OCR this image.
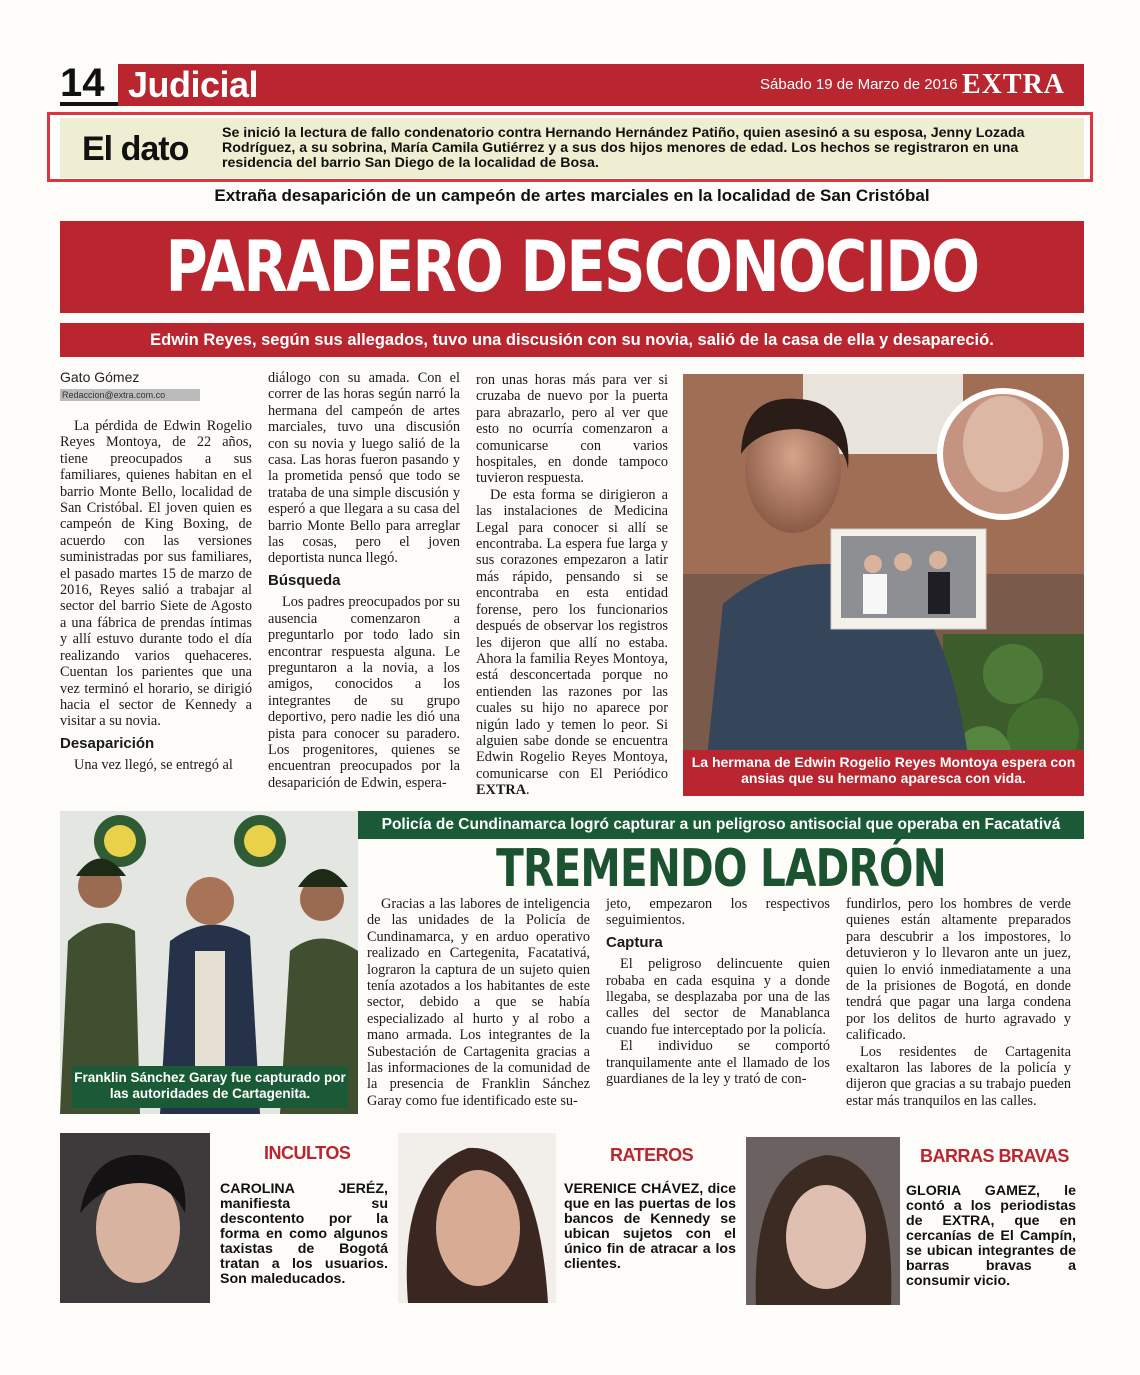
14 Judicial	Sábado 19 de Marzo de 2016 EXTRA
El dato Se inició la lectura de fallo condenatorio contra Hernando Hernández Patiño, quien asesinó a su esposa, Jenny Lozada Rodríguez, a su sobrina, María Camila Gutiérrez y a sus dos hijos menores de edad. Los hechos se registraron en una residencia del barrio San Diego de la localidad de Bosa.
Extraña desaparición de un campeón de artes marciales en la localidad de San Cristóbal
PARADERO DESCONOCIDO
Edwin Reyes, según sus allegados, tuvo una discusión con su novia, salió de la casa de ella y desapareció.
Gato Gómez
Redaccion@extra.com.co

La pérdida de Edwin Rogelio Reyes Montoya, de 22 años, tiene preocupados a sus familiares, quienes habitan en el barrio Monte Bello, localidad de San Cristóbal. El joven quien es campeón de King Boxing, de acuerdo con las versiones suministradas por sus familiares, el pasado martes 15 de marzo de 2016, Reyes salió a trabajar al sector del barrio Siete de Agosto a una fábrica de prendas íntimas y allí estuvo durante todo el día realizando varios quehaceres. Cuentan los parientes que una vez terminó el horario, se dirigió hacia el sector de Kennedy a visitar a su novia.

Desaparición

Una vez llegó, se entregó al

diálogo con su amada. Con el correr de las horas según narró la hermana del campeón de artes marciales, tuvo una discusión con su novia y luego salió de la casa. Las horas fueron pasando y la prometida pensó que todo se trataba de una simple discusión y esperó a que llegara a su casa del barrio Monte Bello para arreglar las cosas, pero el joven deportista nunca llegó.

Búsqueda

Los padres preocupados por su ausencia comenzaron a preguntarlo por todo lado sin encontrar respuesta alguna. Le preguntaron a la novia, a los amigos, conocidos a los integrantes de su grupo deportivo, pero nadie les dió una pista para conocer su paradero. Los progenitores, quienes se encuentran preocupados por la desaparición de Edwin, espera-

ron unas horas más para ver si cruzaba de nuevo por la puerta para abrazarlo, pero al ver que esto no ocurría comenzaron a comunicarse con varios hospitales, en donde tampoco tuvieron respuesta.

De esta forma se dirigieron a las instalaciones de Medicina Legal para conocer si allí se encontraba. La espera fue larga y sus corazones empezaron a latir más rápido, pensando si se encontraba en esta entidad forense, pero los funcionarios después de observar los registros les dijeron que allí no estaba. Ahora la familia Reyes Montoya, está desconcertada porque no entienden las razones por las cuales su hijo no aparece por nigún lado y temen lo peor. Si alguien sabe donde se encuentra Edwin Rogelio Reyes Montoya, comunicarse con El Periódico EXTRA.

La hermana de Edwin Rogelio Reyes Montoya espera con ansias que su hermano aparesca con vida.
Franklin Sánchez Garay fue capturado por las autoridades de Cartagenita.
Policía de Cundinamarca logró capturar a un peligroso antisocial que operaba en Facatativá
TREMENDO LADRÓN

Gracias a las labores de inteligencia de las unidades de la Policía de Cundinamarca, y en arduo operativo realizado en Cartegenita, Facatativá, lograron la captura de un sujeto quien tenía azotados a los habitantes de este sector, debido a que se había especializado al hurto y al robo a mano armada. Los integrantes de la Subestación de Cartagenita gracias a las informaciones de la comunidad de la presencia de Franklin Sánchez Garay como fue identificado este su-

jeto, empezaron los respectivos seguimientos.

Captura

El peligroso delincuente quien robaba en cada esquina y a donde llegaba, se desplazaba por una de las calles del sector de Manablanca cuando fue interceptado por la policía.

El individuo se comportó tranquilamente ante el llamado de los guardianes de la ley y trató de con-

fundirlos, pero los hombres de verde quienes están altamente preparados para descubrir a los impostores, lo detuvieron y lo llevaron ante un juez, quien lo envió inmediatamente a una de la prisiones de Bogotá, en donde tendrá que pagar una larga condena por los delitos de hurto agravado y calificado.

Los residentes de Cartagenita exaltaron las labores de la policía y dijeron que gracias a su trabajo pueden estar más tranquilos en las calles.

INCULTOS
CAROLINA JERÉZ, manifiesta su descontento por la forma en como algunos taxistas de Bogotá tratan a los usuarios. Son maleducados.
RATEROS
VERENICE CHÁVEZ, dice que en las puertas de los bancos de Kennedy se ubican sujetos con el único fin de atracar a los clientes.
BARRAS BRAVAS
GLORIA GAMEZ, le contó a los periodistas de EXTRA, que en cercanías de El Campín, se ubican integrantes de barras bravas a consumir vicio.
